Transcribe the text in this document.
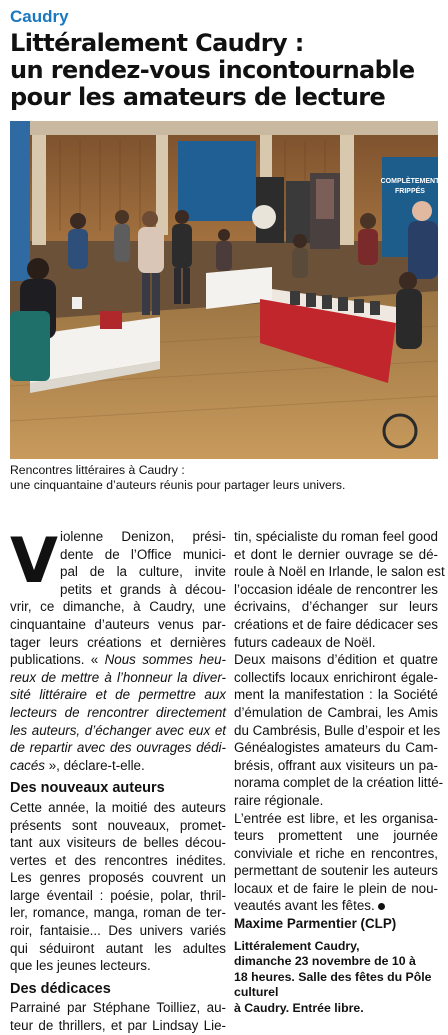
Caudry
Littéralement Caudry :
un rendez-vous incontournable
pour les amateurs de lecture
COMPLÈTEMENT
FRIPPÉS
Rencontres littéraires à Caudry :
une cinquantaine d’auteurs réunis pour partager leurs univers.
V iolenne Denizon, prési-
dente de l’Office munici-
pal de la culture, invite
petits et grands à décou-
vrir, ce dimanche, à Caudry, une
cinquantaine d’auteurs venus par-
tager leurs créations et dernières
publications. « Nous sommes heu-
reux de mettre à l’honneur la diver-
sité littéraire et de permettre aux
lecteurs de rencontrer directement
les auteurs, d’échanger avec eux et
de repartir avec des ouvrages dédi-
cacés », déclare-t-elle.
Des nouveaux auteurs
Cette année, la moitié des auteurs
présents sont nouveaux, promet-
tant aux visiteurs de belles décou-
vertes et des rencontres inédites.
Les genres proposés couvrent un
large éventail : poésie, polar, thril-
ler, romance, manga, roman de ter-
roir, fantaisie... Des univers variés
qui séduiront autant les adultes
que les jeunes lecteurs.
Des dédicaces
Parrainé par Stéphane Toilliez, au-
teur de thrillers, et par Lindsay Lie-
tin, spécialiste du roman feel good
et dont le dernier ouvrage se dé-
roule à Noël en Irlande, le salon est
l’occasion idéale de rencontrer les
écrivains, d’échanger sur leurs
créations et de faire dédicacer ses
futurs cadeaux de Noël.
Deux maisons d’édition et quatre
collectifs locaux enrichiront égale-
ment la manifestation : la Société
d’émulation de Cambrai, les Amis
du Cambrésis, Bulle d’espoir et les
Généalogistes amateurs du Cam-
brésis, offrant aux visiteurs un pa-
norama complet de la création litté-
raire régionale.
L’entrée est libre, et les organisa-
teurs promettent une journée
conviviale et riche en rencontres,
permettant de soutenir les auteurs
locaux et de faire le plein de nou-
veautés avant les fêtes.
Maxime Parmentier (CLP)
Littéralement Caudry,
dimanche 23 novembre de 10 à
18 heures. Salle des fêtes du Pôle
culturel
à Caudry. Entrée libre.
